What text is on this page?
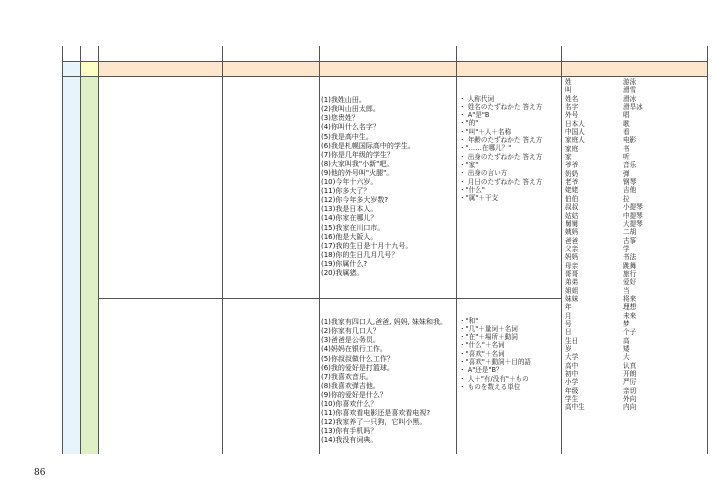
(1)我姓山田。
(2)我叫山田太郎。
(3)您贵姓？
(4)你叫什么名字？
(5)我是高中生。
(6)我是札幌国际高中的学生。
(7)你是几年级的学生？
(8)大家叫我"小新"吧。
(9)他的外号叫"火腿"。
(10)今年十六岁。
(11)你多大了？
(12)你今年多大岁数?
(13)我是日本人。
(14)你家在哪儿？
(15)我家在川口市。
(16)他是大阪人。
(17)我的生日是十月十九号。
(18)你的生日几月几号？
(19)你属什么?
(20)我属猪。

・ 人称代词
・ 姓名のたずねかた 答え方
・ A"是"B
・"的"
・"叫"＋人＋名称
・ 年齢のたずねかた 答え方
・"……在哪儿？"
・ 出身のたずねかた 答え方
・"家"
・ 出身の言い方
・ 月日のたずねかた 答え方
・"什么"
・"属"＋干支

(1)我家有四口人,爸爸, 妈妈, 妹妹和我。
(2)你家有几口人？
(3)爸爸是公务员。
(4)妈妈在银行工作。
(5)你叔叔做什么工作？
(6)我的爱好是打篮球。
(7)我喜欢音乐。
(8)我喜欢弹吉他。
(9)你的爱好是什么？
(10)你喜欢什么？
(11)你喜欢看电影还是喜欢看电视?
(12)我家养了一只狗，它叫小黑。
(13)你有手机吗？
(14)我没有词典。

・"和"
・"几"＋量词＋名词
・"在"＋場所＋動詞
・"什么"＋名词
・"喜欢"＋名词
・"喜欢"＋動詞＋目的語
・ A"还是"B？
・ 人＋"有/没有"＋もの
・ ものを数える単位

姓
叫
姓名
名字
外号
日本人
中国人
家庭人
家庭
家
爷爷
奶奶
老爷
姥姥
伯伯
叔叔
姑姑
舅舅
姨妈
爸爸
父亲
妈妈
母亲
哥哥
弟弟
姐姐
妹妹
年
月
号
日
生日
岁
大学
高中
初中
小学
年级
学生
高中生
游泳
滑雪
滑冰
滑旱冰
唱
歌
看
电影
书
听
音乐
弹
钢琴
吉他
拉
小提琴
中提琴
大提琴
二胡
古筝
学
书法
跳舞
旅行
爱好
当
将来
理想
未来
梦
个子
高
矮
大
认真
开朗
严厉
亲切
外向
内向
86
